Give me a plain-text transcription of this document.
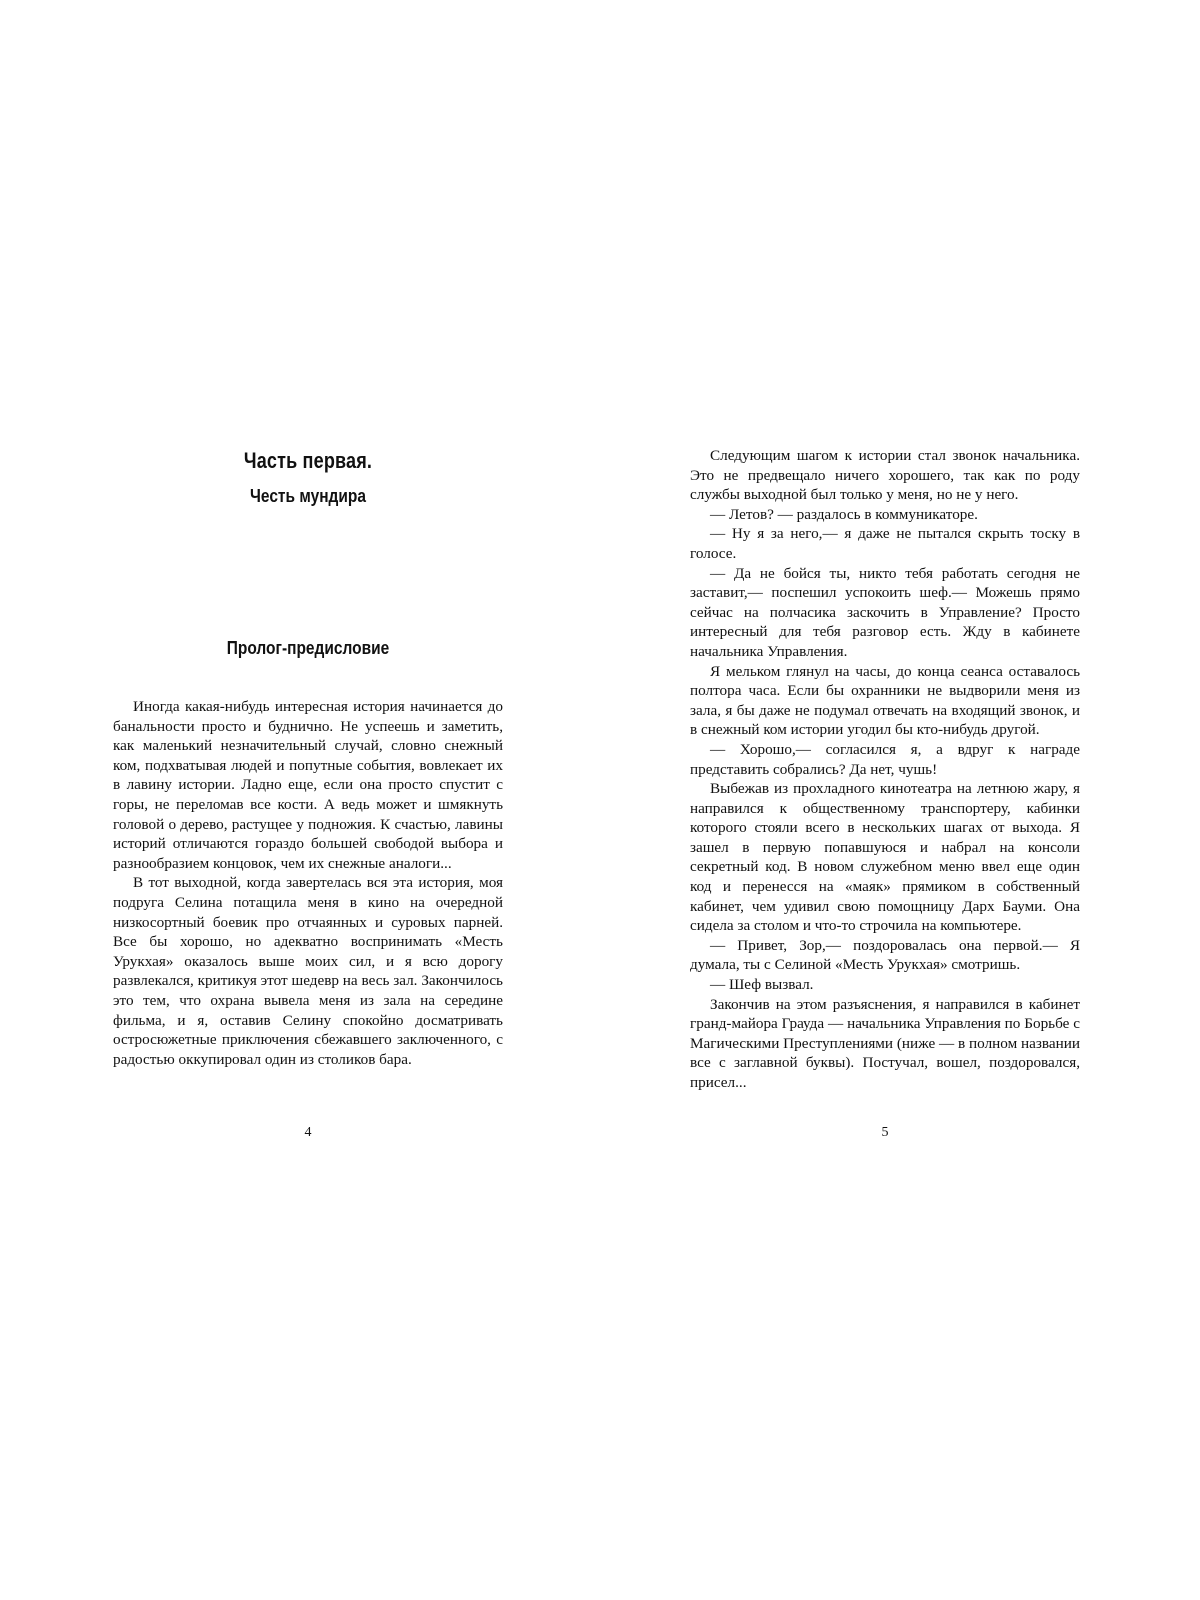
Часть первая.
Честь мундира
Пролог-предисловие

Иногда какая-нибудь интересная история начинается до банальности просто и буднично. Не успеешь и заметить, как маленький незначительный случай, словно снежный ком, подхватывая людей и попутные события, вовлекает их в лавину истории. Ладно еще, если она просто спустит с горы, не переломав все кости. А ведь может и шмякнуть головой о дерево, растущее у подножия. К счастью, лавины историй отличаются гораздо большей свободой выбора и разнообразием концовок, чем их снежные аналоги...

В тот выходной, когда завертелась вся эта история, моя подруга Селина потащила меня в кино на очередной низкосортный боевик про отчаянных и суровых парней. Все бы хорошо, но адекватно воспринимать «Месть Урукхая» оказалось выше моих сил, и я всю дорогу развлекался, критикуя этот шедевр на весь зал. Закончилось это тем, что охрана вывела меня из зала на середине фильма, и я, оставив Селину спокойно досматривать остросюжетные приключения сбежавшего заключенного, с радостью оккупировал один из столиков бара.

4

Следующим шагом к истории стал звонок начальника. Это не предвещало ничего хорошего, так как по роду службы выходной был только у меня, но не у него.

— Летов? — раздалось в коммуникаторе.

— Ну я за него,— я даже не пытался скрыть тоску в голосе.

— Да не бойся ты, никто тебя работать сегодня не заставит,— поспешил успокоить шеф.— Можешь прямо сейчас на полчасика заскочить в Управление? Просто интересный для тебя разговор есть. Жду в кабинете начальника Управления.

Я мельком глянул на часы, до конца сеанса оставалось полтора часа. Если бы охранники не выдворили меня из зала, я бы даже не подумал отвечать на входящий звонок, и в снежный ком истории угодил бы кто-нибудь другой.

— Хорошо,— согласился я, а вдруг к награде представить собрались? Да нет, чушь!

Выбежав из прохладного кинотеатра на летнюю жару, я направился к общественному транспортеру, кабинки которого стояли всего в нескольких шагах от выхода. Я зашел в первую попавшуюся и набрал на консоли секретный код. В новом служебном меню ввел еще один код и перенесся на «маяк» прямиком в собственный кабинет, чем удивил свою помощницу Дарх Бауми. Она сидела за столом и что-то строчила на компьютере.

— Привет, Зор,— поздоровалась она первой.— Я думала, ты с Селиной «Месть Урукхая» смотришь.

— Шеф вызвал.

Закончив на этом разъяснения, я направился в кабинет гранд-майора Грауда — начальника Управления по Борьбе с Магическими Преступлениями (ниже — в полном названии все с заглавной буквы). Постучал, вошел, поздоровался, присел...

5
